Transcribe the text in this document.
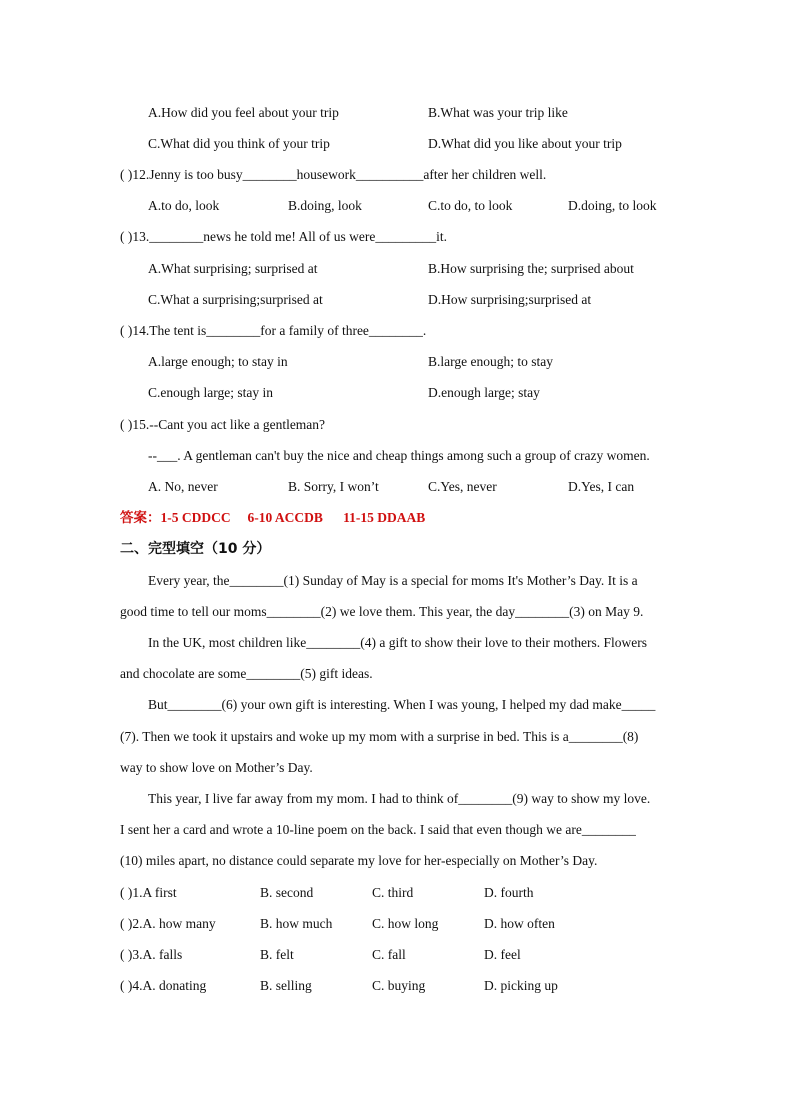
A.How did you feel about your trip	B.What was your trip like
C.What did you think of your trip	D.What did you like about your trip
( )12.Jenny is too busy________housework__________after her children well.
A.to do, look	B.doing, look	C.to do, to look	D.doing, to look
( )13.________news he told me! All of us were_________it.
A.What surprising; surprised at	B.How surprising the; surprised about
C.What a surprising;surprised at	D.How surprising;surprised at
( )14.The tent is________for a family of three________.
A.large enough; to stay in	B.large enough; to stay
C.enough large; stay in	D.enough large; stay
( )15.--Cant you act like a gentleman?
--___. A gentleman can't buy the nice and cheap things among such a group of crazy women.
A. No, never	B. Sorry, I won’t	C.Yes, never	D.Yes, I can
答案：1-5 CDDCC     6-10 ACCDB      11-15 DDAAB
二、完型填空（10 分）
Every year, the________(1) Sunday of May is a special for moms It's Mother’s Day. It is a
good time to tell our moms________(2) we love them. This year, the day________(3) on May 9.
In the UK, most children like________(4) a gift to show their love to their mothers. Flowers
and chocolate are some________(5) gift ideas.
But________(6) your own gift is interesting. When I was young, I helped my dad make_____
(7). Then we took it upstairs and woke up my mom with a surprise in bed. This is a________(8)
way to show love on Mother’s Day.
This year, I live far away from my mom. I had to think of________(9) way to show my love.
I sent her a card and wrote a 10-line poem on the back. I said that even though we are________
(10) miles apart, no distance could separate my love for her-especially on Mother’s Day.
( )1.A first	B. second	C. third	D. fourth
( )2.A. how many	B. how much	C. how long	D. how often
( )3.A. falls	B. felt	C. fall	D. feel
( )4.A. donating	B. selling	C. buying	D. picking up
